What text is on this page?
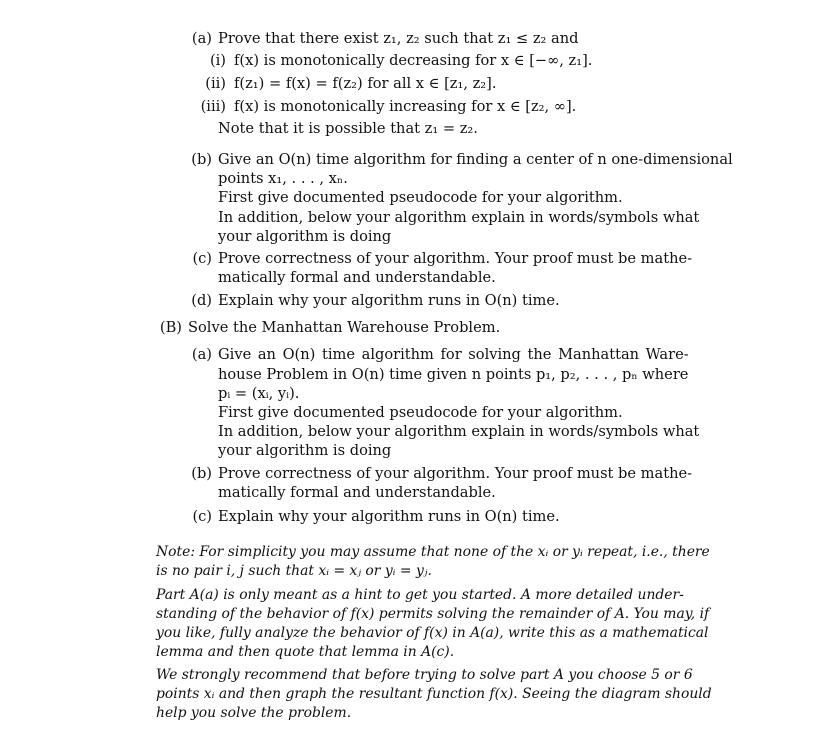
(a) Prove that there exist z₁, z₂ such that z₁ ≤ z₂ and
(i) f(x) is monotonically decreasing for x ∈ [−∞, z₁].
(ii) f(z₁) = f(x) = f(z₂) for all x ∈ [z₁, z₂].
(iii) f(x) is monotonically increasing for x ∈ [z₂, ∞].
Note that it is possible that z₁ = z₂.
(b) Give an O(n) time algorithm for finding a center of n one-dimensional
points x₁, . . . , xₙ.
First give documented pseudocode for your algorithm.
In addition, below your algorithm explain in words/symbols what
your algorithm is doing
(c) Prove correctness of your algorithm. Your proof must be mathe-
matically formal and understandable.
(d) Explain why your algorithm runs in O(n) time.
(B) Solve the Manhattan Warehouse Problem.
(a) Give an O(n) time algorithm for solving the Manhattan Ware-
house Problem in O(n) time given n points p₁, p₂, . . . , pₙ where
pᵢ = (xᵢ, yᵢ).
First give documented pseudocode for your algorithm.
In addition, below your algorithm explain in words/symbols what
your algorithm is doing
(b) Prove correctness of your algorithm. Your proof must be mathe-
matically formal and understandable.
(c) Explain why your algorithm runs in O(n) time.
Note: For simplicity you may assume that none of the xᵢ or yᵢ repeat, i.e., there
is no pair i, j such that xᵢ = xⱼ or yᵢ = yⱼ.
Part A(a) is only meant as a hint to get you started. A more detailed under-
standing of the behavior of f(x) permits solving the remainder of A. You may, if
you like, fully analyze the behavior of f(x) in A(a), write this as a mathematical
lemma and then quote that lemma in A(c).
We strongly recommend that before trying to solve part A you choose 5 or 6
points xᵢ and then graph the resultant function f(x). Seeing the diagram should
help you solve the problem.
